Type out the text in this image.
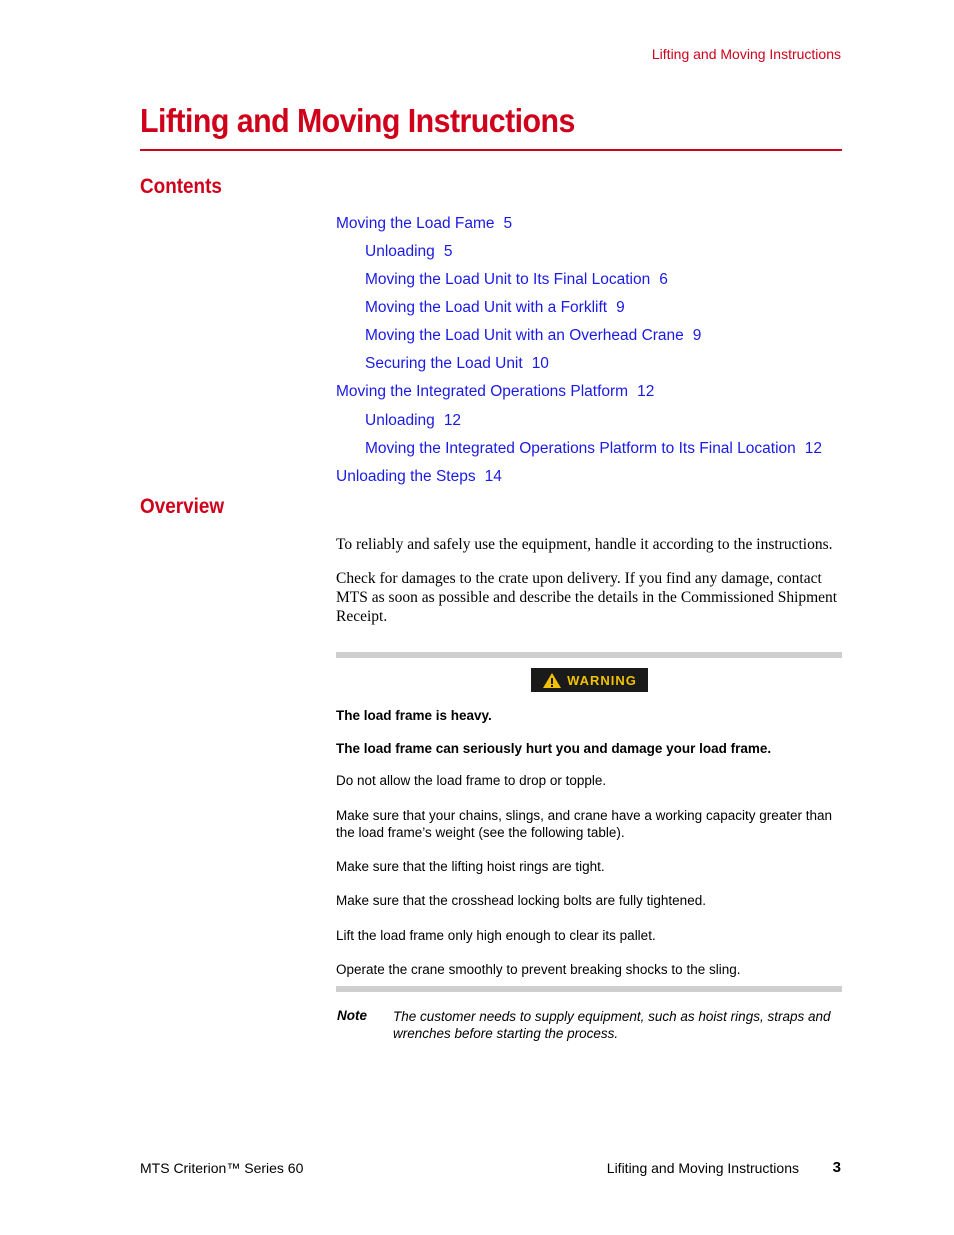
Lifting and Moving Instructions
Lifting and Moving Instructions
Contents
Moving the Load Fame 5
Unloading 5
Moving the Load Unit to Its Final Location 6
Moving the Load Unit with a Forklift 9
Moving the Load Unit with an Overhead Crane 9
Securing the Load Unit 10
Moving the Integrated Operations Platform 12
Unloading 12
Moving the Integrated Operations Platform to Its Final Location 12
Unloading the Steps 14
Overview

To reliably and safely use the equipment, handle it according to the instructions.

Check for damages to the crate upon delivery. If you find any damage, contact MTS as soon as possible and describe the details in the Commissioned Shipment Receipt.

WARNING

The load frame is heavy.

The load frame can seriously hurt you and damage your load frame.

Do not allow the load frame to drop or topple.

Make sure that your chains, slings, and crane have a working capacity greater than the load frame’s weight (see the following table).

Make sure that the lifting hoist rings are tight.

Make sure that the crosshead locking bolts are fully tightened.

Lift the load frame only high enough to clear its pallet.

Operate the crane smoothly to prevent breaking shocks to the sling.

Note The customer needs to supply equipment, such as hoist rings, straps and wrenches before starting the process.

MTS Criterion™ Series 60	Lifiting and Moving Instructions 3
